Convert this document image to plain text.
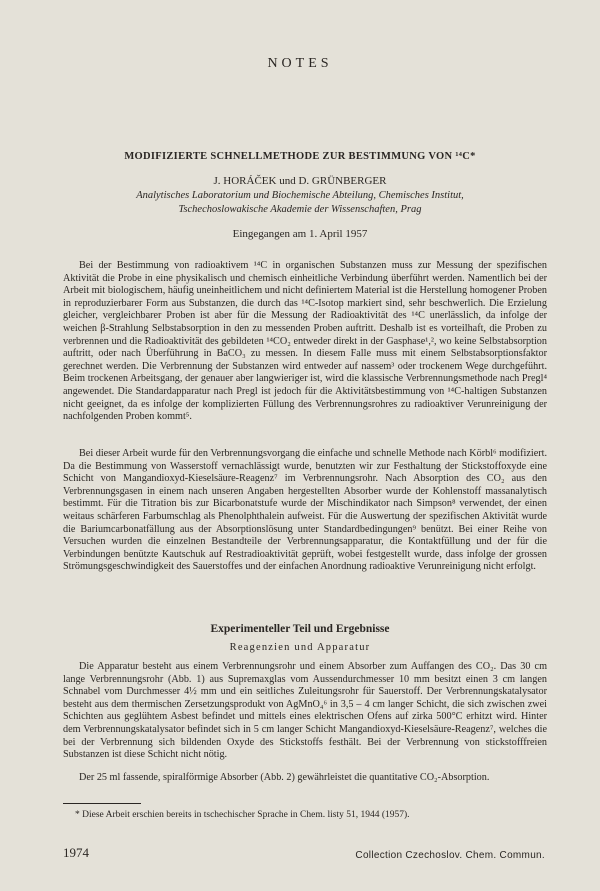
NOTES
MODIFIZIERTE SCHNELLMETHODE ZUR BESTIMMUNG VON ¹⁴C*
J. HORÁČEK und D. GRÜNBERGER
Analytisches Laboratorium und Biochemische Abteilung, Chemisches Institut,
Tschechoslowakische Akademie der Wissenschaften, Prag
Eingegangen am 1. April 1957

Bei der Bestimmung von radioaktivem ¹⁴C in organischen Substanzen muss zur Messung der spezifischen Aktivität die Probe in eine physikalisch und chemisch einheitliche Verbindung überführt werden. Namentlich bei der Arbeit mit biologischem, häufig uneinheitlichem und nicht definiertem Material ist die Herstellung homogener Proben in reproduzierbarer Form aus Substanzen, die durch das ¹⁴C-Isotop markiert sind, sehr beschwerlich. Die Erzielung gleicher, vergleichbarer Proben ist aber für die Messung der Radioaktivität des ¹⁴C unerlässlich, da infolge der weichen β-Strahlung Selbstabsorption in den zu messenden Proben auftritt. Deshalb ist es vorteilhaft, die Proben zu verbrennen und die Radioaktivität des gebildeten ¹⁴CO₂ entweder direkt in der Gasphase¹,², wo keine Selbstabsorption auftritt, oder nach Überführung in BaCO₃ zu messen. In diesem Falle muss mit einem Selbstabsorptionsfaktor gerechnet werden. Die Verbrennung der Substanzen wird entweder auf nassem³ oder trockenem Wege durchgeführt. Beim trockenen Arbeitsgang, der genauer aber langwieriger ist, wird die klassische Verbrennungsmethode nach Pregl⁴ angewendet. Die Standardapparatur nach Pregl ist jedoch für die Aktivitätsbestimmung von ¹⁴C-haltigen Substanzen nicht geeignet, da es infolge der komplizierten Füllung des Verbrennungsrohres zu radioaktiver Verunreinigung der nachfolgenden Proben kommt⁵.

Bei dieser Arbeit wurde für den Verbrennungsvorgang die einfache und schnelle Methode nach Körbl⁶ modifiziert. Da die Bestimmung von Wasserstoff vernachlässigt wurde, benutzten wir zur Festhaltung der Stickstoffoxyde eine Schicht von Mangandioxyd-Kieselsäure-Reagenz⁷ im Verbrennungsrohr. Nach Absorption des CO₂ aus den Verbrennungsgasen in einem nach unseren Angaben hergestellten Absorber wurde der Kohlenstoff massanalytisch bestimmt. Für die Titration bis zur Bicarbonatstufe wurde der Mischindikator nach Simpson⁸ verwendet, der einen weitaus schärferen Farbumschlag als Phenolphthalein aufweist. Für die Auswertung der spezifischen Aktivität wurde die Bariumcarbonatfällung aus der Absorptionslösung unter Standardbedingungen⁹ benützt. Bei einer Reihe von Versuchen wurden die einzelnen Bestandteile der Verbrennungsapparatur, die Kontaktfüllung und der für die Verbindungen benützte Kautschuk auf Restradioaktivität geprüft, wobei festgestellt wurde, dass infolge der grossen Strömungsgeschwindigkeit des Sauerstoffes und der einfachen Anordnung radioaktive Verunreinigung nicht erfolgt.

Experimenteller Teil und Ergebnisse
Reagenzien und Apparatur

Die Apparatur besteht aus einem Verbrennungsrohr und einem Absorber zum Auffangen des CO₂. Das 30 cm lange Verbrennungsrohr (Abb. 1) aus Supremaxglas vom Aussendurchmesser 10 mm besitzt einen 3 cm langen Schnabel vom Durchmesser 4½ mm und ein seitliches Zuleitungsrohr für Sauerstoff. Der Verbrennungskatalysator besteht aus dem thermischen Zersetzungsprodukt von AgMnO₄⁶ in 3,5 – 4 cm langer Schicht, die sich zwischen zwei Schichten aus geglühtem Asbest befindet und mittels eines elektrischen Ofens auf zirka 500°C erhitzt wird. Hinter dem Verbrennungskatalysator befindet sich in 5 cm langer Schicht Mangandioxyd-Kieselsäure-Reagenz⁷, welches die bei der Verbrennung sich bildenden Oxyde des Stickstoffs festhält. Bei der Verbrennung von stickstofffreien Substanzen ist diese Schicht nicht nötig.

Der 25 ml fassende, spiralförmige Absorber (Abb. 2) gewährleistet die quantitative CO₂-Absorption.

* Diese Arbeit erschien bereits in tschechischer Sprache in Chem. listy 51, 1944 (1957).
1974	Collection Czechoslov. Chem. Commun.
